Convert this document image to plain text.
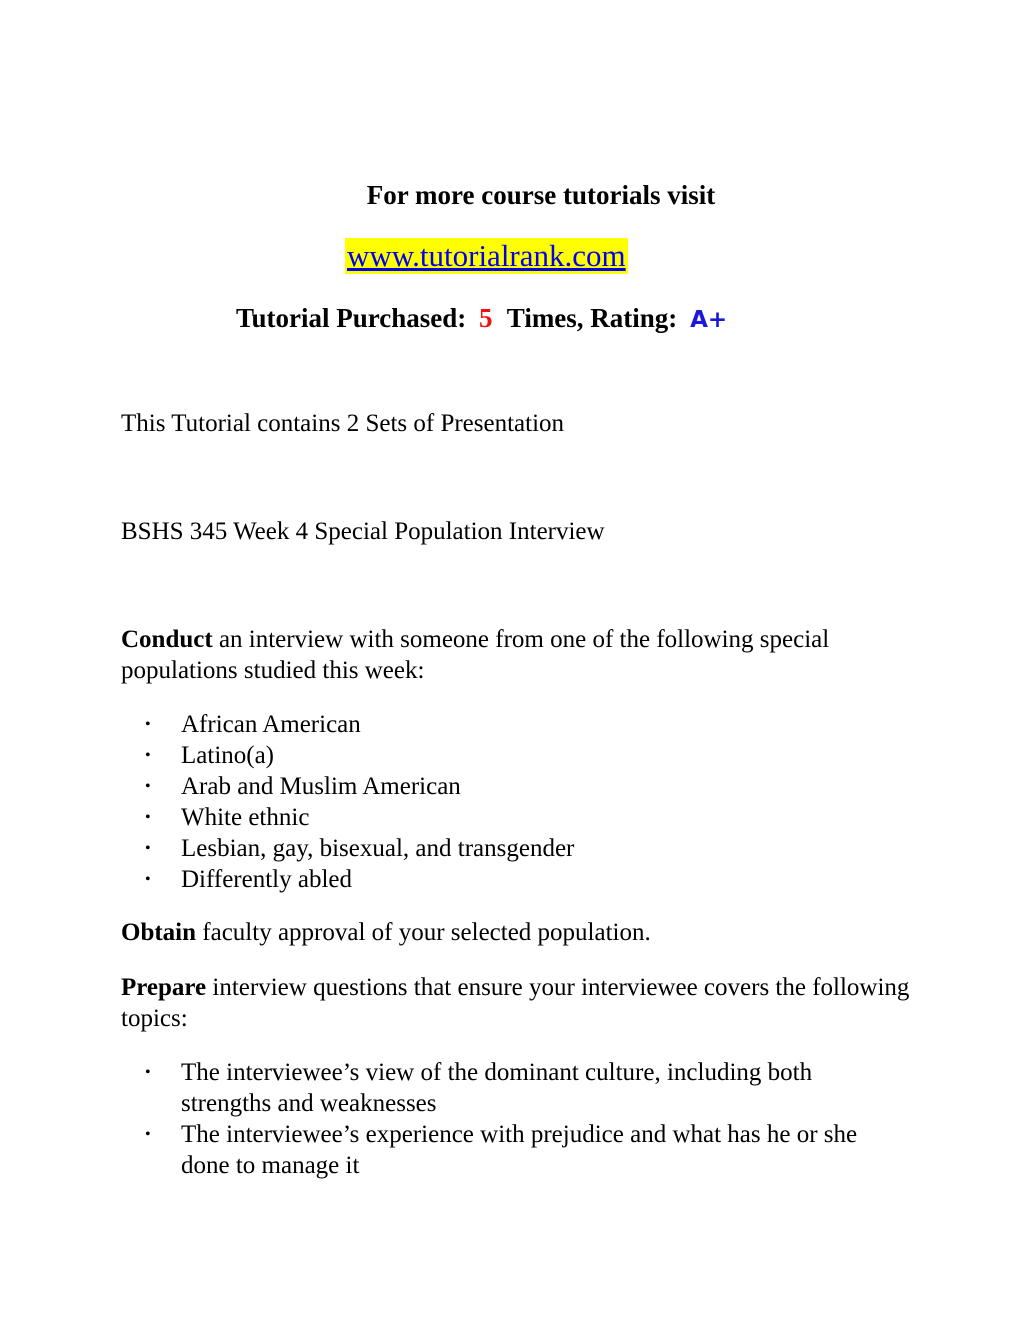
For more course tutorials visit
www.tutorialrank.com
Tutorial Purchased: 5 Times, Rating: A+
This Tutorial contains 2 Sets of Presentation
BSHS 345 Week 4 Special Population Interview
Conduct an interview with someone from one of the following special populations studied this week:
• African American
• Latino(a)
• Arab and Muslim American
• White ethnic
• Lesbian, gay, bisexual, and transgender
• Differently abled
Obtain faculty approval of your selected population.
Prepare interview questions that ensure your interviewee covers the following topics:
• The interviewee’s view of the dominant culture, including both strengths and weaknesses
• The interviewee’s experience with prejudice and what has he or she done to manage it
